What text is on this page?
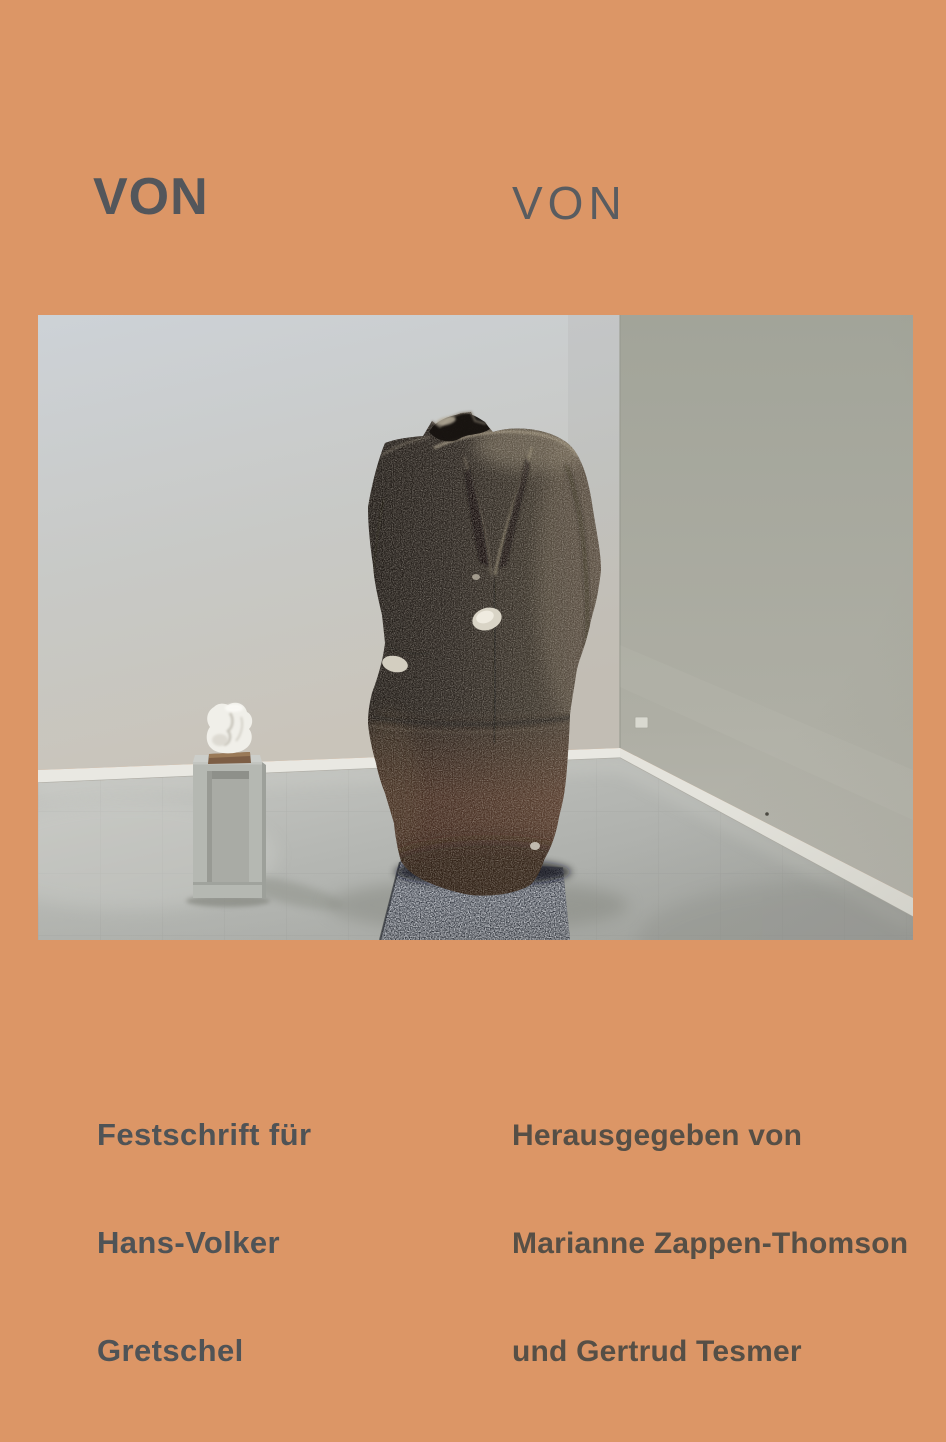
VON

	VON

Festschrift für

Hans-Volker

Gretschel

Herausgegeben von

Marianne Zappen-Thomson

und Gertrud Tesmer
